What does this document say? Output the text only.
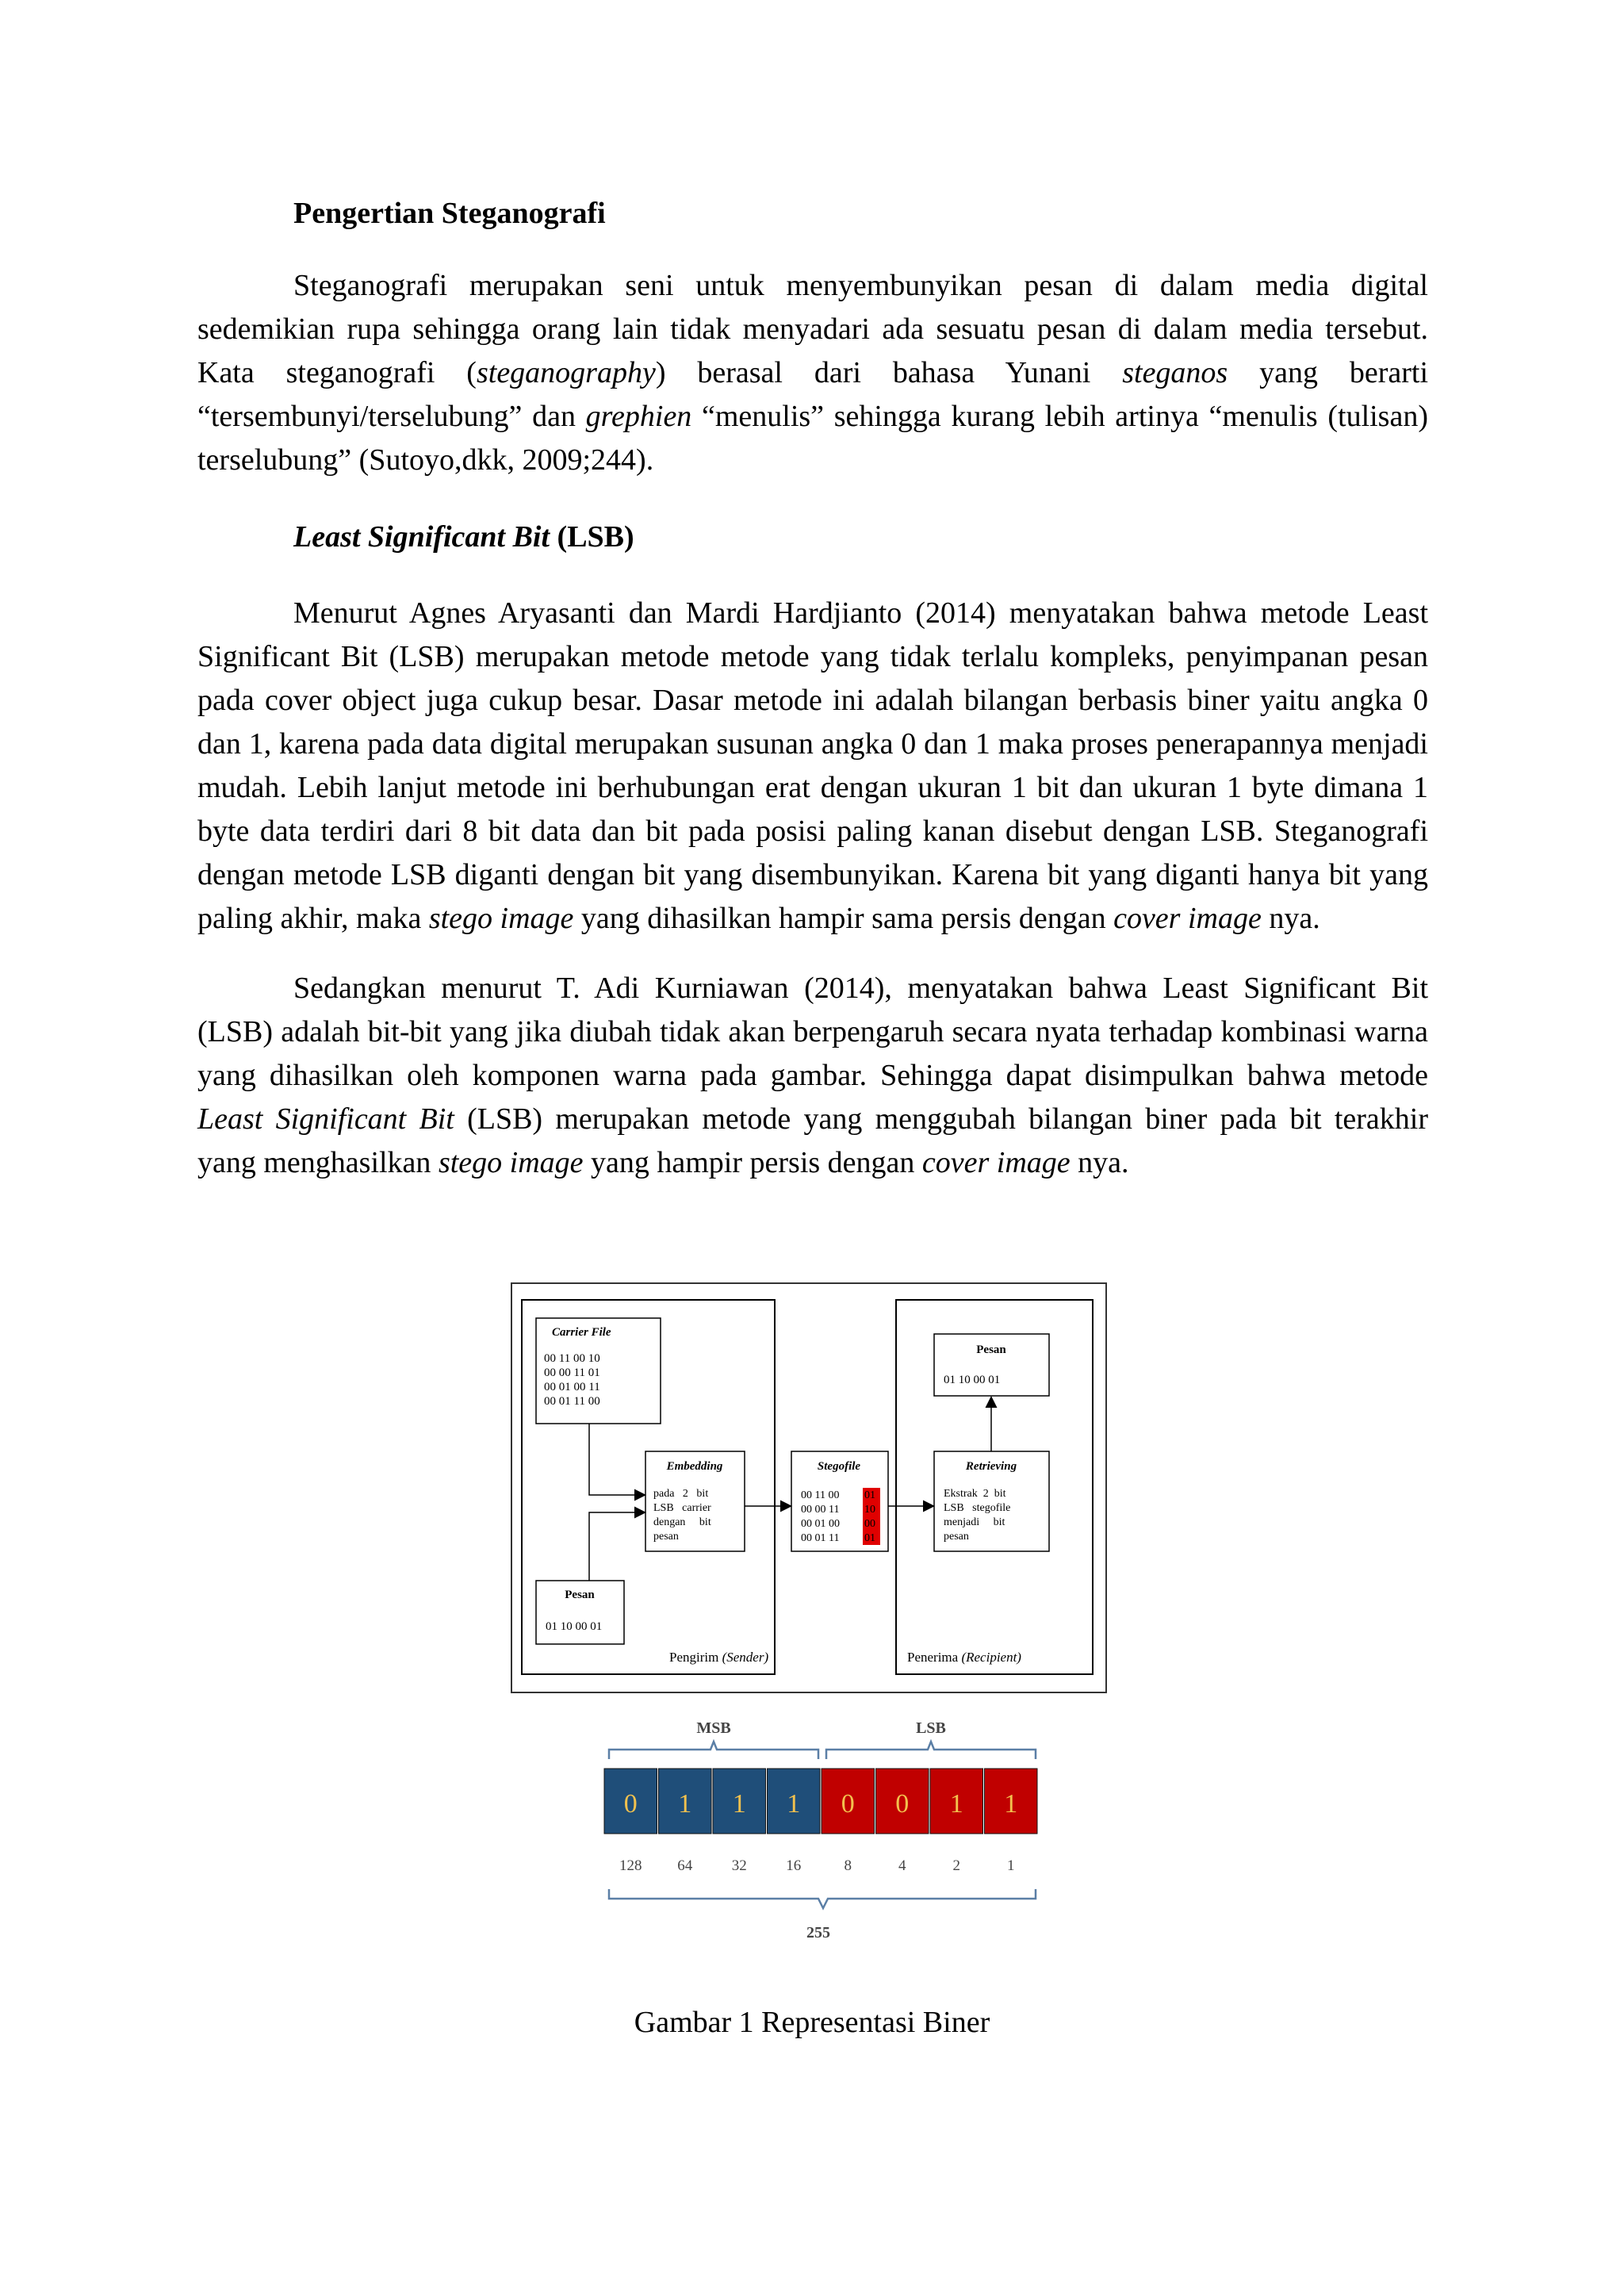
Pengertian Steganografi

Steganografi merupakan seni untuk menyembunyikan pesan di dalam media digital sedemikian rupa sehingga orang lain tidak menyadari ada sesuatu pesan di dalam media tersebut. Kata steganografi (steganography) berasal dari bahasa Yunani steganos yang berarti “tersembunyi/terselubung” dan grephien “menulis” sehingga kurang lebih artinya “menulis (tulisan) terselubung” (Sutoyo,dkk, 2009;244).

Least Significant Bit (LSB)

Menurut Agnes Aryasanti dan Mardi Hardjianto (2014) menyatakan bahwa metode Least Significant Bit (LSB) merupakan metode metode yang tidak terlalu kompleks, penyimpanan pesan pada cover object juga cukup besar. Dasar metode ini adalah bilangan berbasis biner yaitu angka 0 dan 1, karena pada data digital merupakan susunan angka 0 dan 1 maka proses penerapannya menjadi mudah. Lebih lanjut metode ini berhubungan erat dengan ukuran 1 bit dan ukuran 1 byte dimana 1 byte data terdiri dari 8 bit data dan bit pada posisi paling kanan disebut dengan LSB. Steganografi dengan metode LSB diganti dengan bit yang disembunyikan. Karena bit yang diganti hanya bit yang paling akhir, maka stego image yang dihasilkan hampir sama persis dengan cover image nya.

Sedangkan menurut T. Adi Kurniawan (2014), menyatakan bahwa Least Significant Bit (LSB) adalah bit-bit yang jika diubah tidak akan berpengaruh secara nyata terhadap kombinasi warna yang dihasilkan oleh komponen warna pada gambar. Sehingga dapat disimpulkan bahwa metode Least Significant Bit (LSB) merupakan metode yang menggubah bilangan biner pada bit terakhir yang menghasilkan stego image yang hampir persis dengan cover image nya.

Carrier File
00 11 00 10
00 00 11 01
00 01 00 11
00 01 11 00
Pesan
01 10 00 01
Embedding
pada   2   bit
LSB   carrier
dengan     bit
pesan
Stegofile
00 11 00
00 00 11
00 01 00
00 01 11
01
10
00
01
Retrieving
Ekstrak  2  bit
LSB   stegofile
menjadi     bit
pesan
Pesan
01 10 00 01
Pengirim (Sender)	Penerima (Recipient)
MSB	LSB
0 1 1 1 0 0 1 1
128 64	32	16	8	4	2	1
255
Gambar 1 Representasi Biner
